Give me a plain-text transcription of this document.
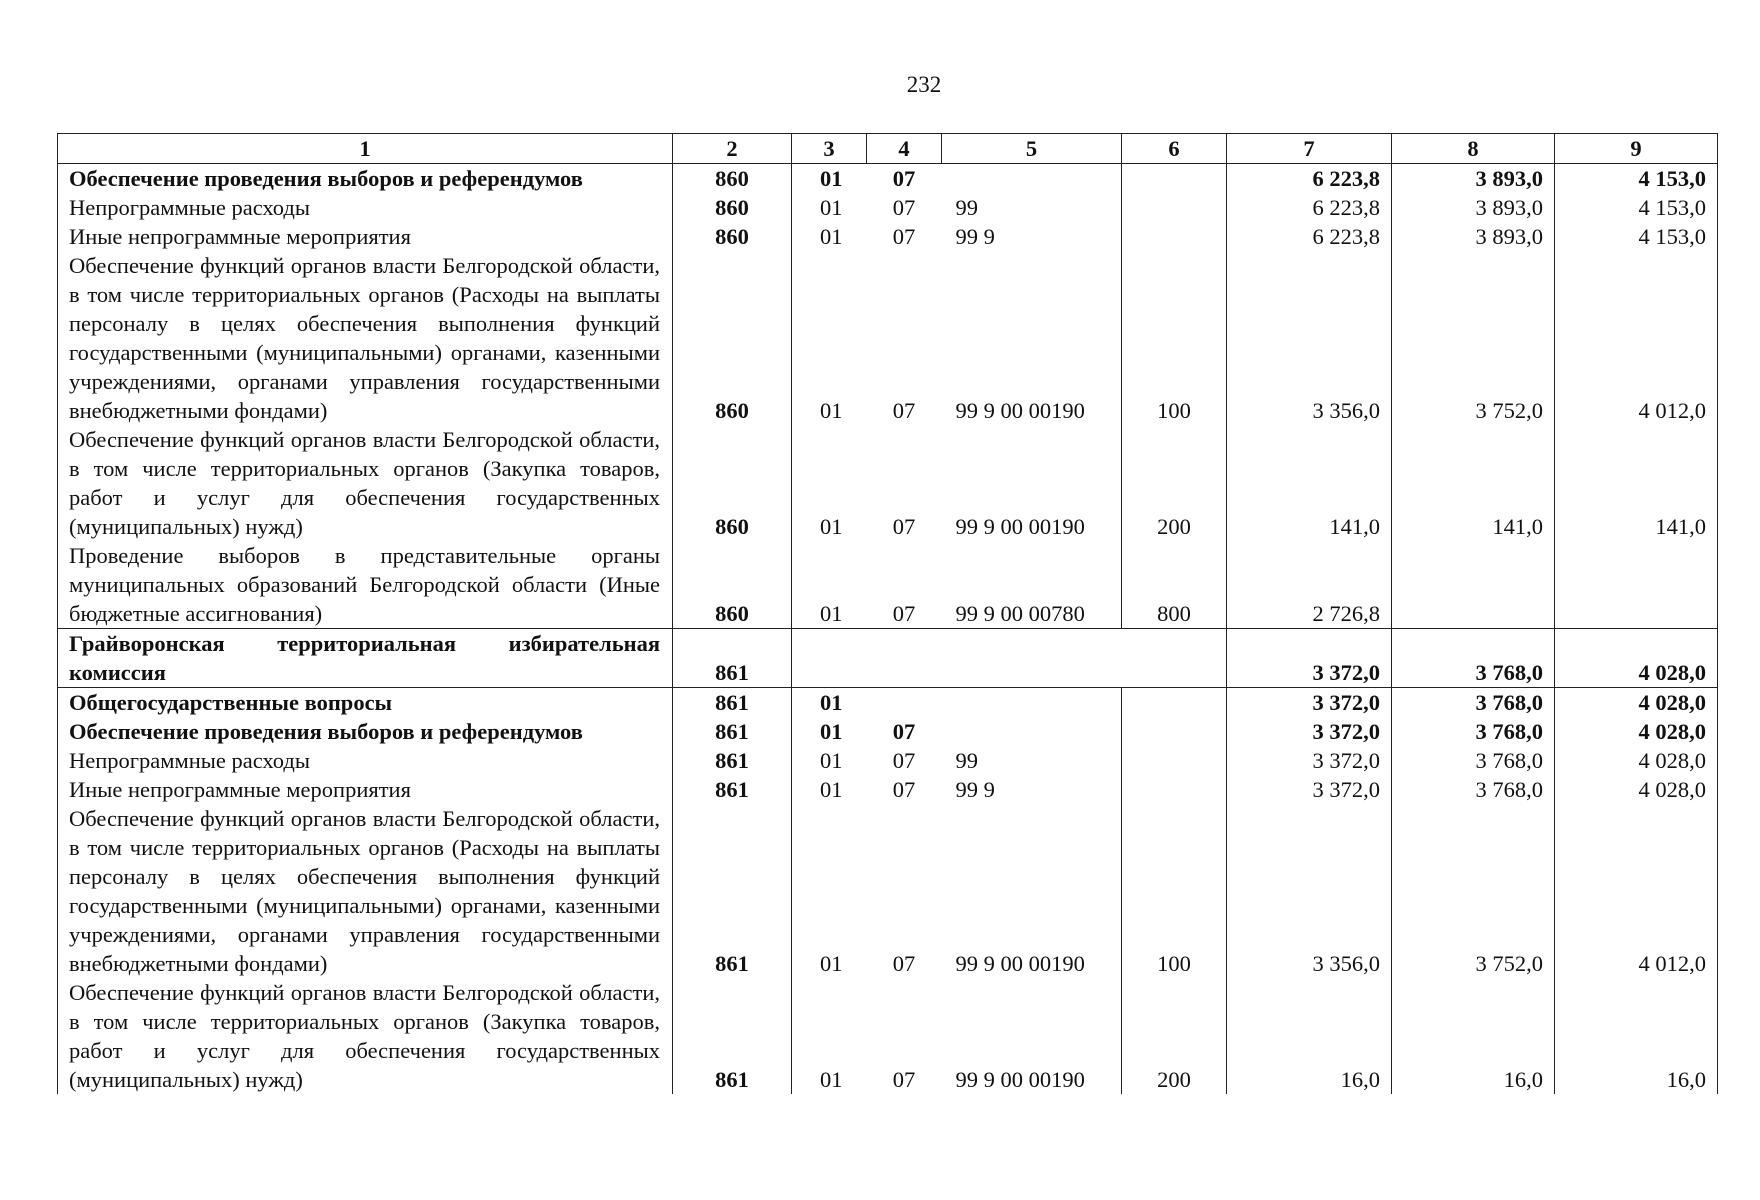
232
1	2	3	4	5	6	7	8	9
Обеспечение проведения выборов и референдумов	860	01	07			6 223,8	3 893,0	4 153,0
Непрограммные расходы	860	01	07	99		6 223,8	3 893,0	4 153,0
Иные непрограммные мероприятия	860	01	07	99 9		6 223,8	3 893,0	4 153,0
Обеспечение функций органов власти Белгородской области, в том числе территориальных органов (Расходы на выплаты персоналу в целях обеспечения выполнения функций государственными (муниципальными) органами, казенными учреждениями, органами управления государственными внебюджетными фондами)	860	01	07	99 9 00 00190	100	3 356,0	3 752,0	4 012,0
Обеспечение функций органов власти Белгородской области, в том числе территориальных органов (Закупка товаров, работ и услуг для обеспечения государственных (муниципальных) нужд)	860	01	07	99 9 00 00190	200	141,0	141,0	141,0
Проведение выборов в представительные органы муниципальных образований Белгородской области (Иные бюджетные ассигнования)	860	01	07	99 9 00 00780	800	2 726,8		
Грайворонская территориальная избирательная комиссия	861					3 372,0	3 768,0	4 028,0
Общегосударственные вопросы	861	01				3 372,0	3 768,0	4 028,0
Обеспечение проведения выборов и референдумов	861	01	07			3 372,0	3 768,0	4 028,0
Непрограммные расходы	861	01	07	99		3 372,0	3 768,0	4 028,0
Иные непрограммные мероприятия	861	01	07	99 9		3 372,0	3 768,0	4 028,0
Обеспечение функций органов власти Белгородской области, в том числе территориальных органов (Расходы на выплаты персоналу в целях обеспечения выполнения функций государственными (муниципальными) органами, казенными учреждениями, органами управления государственными внебюджетными фондами)	861	01	07	99 9 00 00190	100	3 356,0	3 752,0	4 012,0
Обеспечение функций органов власти Белгородской области, в том числе территориальных органов (Закупка товаров, работ и услуг для обеспечения государственных (муниципальных) нужд)	861	01	07	99 9 00 00190	200	16,0	16,0	16,0
